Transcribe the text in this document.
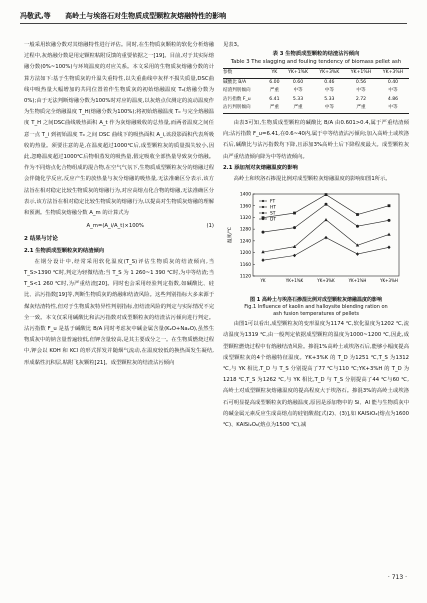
冯敬武,等 高岭土与埃洛石对生物质成型颗粒灰熔融特性的影响

一般采用软融分数对其熔融特性进行评估。同时,在生物质灰颗粒的软化分析熔融过程中,灰熔融分数是用定颗粒粘附反馈的重要依据之一[19]。目前,对于其实际熔融分数(0%~100%)与环境温度的对应关系。本文采用的生物质灰熔融分数的计算方法如下:基于生物质灰的升温失重特性,以失重曲线中灰样不损失质量,DSC曲线中吸热量大幅增加的共同位置着作生物质灰的初始熔融温度 T₀(熔融分数为0%);由于无法判断熔融分数为100%时对应的温度,以灰熔点仪测定的流动温度作为生物质完全熔融温度 T_H(熔融分数为100%);将初始熔融温度 T₀ 与完全熔融温度 T_H 之间DSC曲线吸热面积 A_t 作为灰熔融吸收的总热量,而两者温度之间任意一点 T_i 到初始温度 T₀ 之间 DSC 曲线下的吸热面积 A_i,该段影面积代表所吸收的热量。须要注意的是,在温度超过1000℃后,成型颗粒灰的质量损失较小,因此,忽略温度超过1000℃后物相蒸发的吸热量,假定吸收全部热量导致灰分熔融。作为不同熔点化合物组成的混合物,在空气气氛下,生物质成型颗粒灰分的熔融过程会伴随化学反应,反应产生的放热量与灰分熔融的吸热量,无法准确区分表示,该方法旨在相对稳定比较生物质灰的熔融行为,对应高熔点化合物的熔融,无法准确区分表示,该方法旨在相对稳定比较生物质灰的熔融行为,以提高对生物质灰熔融的理解和预测。生物质灰熔融分数 A_m 的计算式为

A_m=(A_i/A_t)×100%	(1)

2 结果与讨论

2.1 生物质成型颗粒灰的结渣倾向

在钢分设计中,经常采用软化温度(T_S)评估生物质灰的结渣倾向,当 T_S>1390 ℃时,判定为轻微结渣;当 T_S 为 1 260~1 390 ℃时,为中等结渣;当 T_S<1 260 ℃时,为严重结渣[20]。同时也会采用经验判定指数,如碱酸比、硅比、沾污指数[19]等,判断生物质灰的熔融和结渣风险。这些判别指标大多来源于煤灰结渣特性,但对于生物质灰特异性判别指标,但结渣风险的判定与实际情况不完全一致。本文仅采用碱酸比和沾污指数对成型颗粒灰的结渣沾污倾向进行判定。沾污指数 F_u 是基于碱酸比 B/A 同时考虑灰中碱金属含量(K₂O+Na₂O),虽然生物质灰中的钠含量普遍较低,但钾含量较高,是其主要成分之一。在生物质燃烧过程中,钾会以 KOH 和 KCl 的形式挥发并随烟气流动,在温度较低的换热面发生凝结,形成黏性沉积层,粘附飞灰颗粒[21]。成型颗粒灰的结渣沾污倾向

见表3。

表 3 生物质成型颗粒的结渣沾污倾向

Table 3 The slagging and fouling tendency of biomass pellet ash

参数	YK	YK+1%K	YK+3%K	YK+1%H	YK+3%H
碱酸比 B/A	6.00	0.60	0.46	0.56	0.40
结渣判别倾向	严重	中等	中等	中等	中等
沾污指数 F_u	6.41	5.33	5.33	2.72	4.86
沾污判别倾向	严重	严重	中等	严重	中等

由表3可知,生物质成型颗粒的碱酸比 B/A 由0.601>0.4,属于严重结渣倾向;沾污指数 F_u=6.41,在0.6~40内,属于中等结渣沾污倾向;加入高岭土或埃洛石后,碱酸比与沾污指数均下降,且添加3%高岭土后下降程度最大。成型颗粒灰由严重结渣倾向降为中等结渣倾向。

2.1 添加剂对灰熔融温度的影响

高岭土和埃洛石掺混比例对成型颗粒灰熔融温度的影响如图1所示。

1400
1360
1320
1280
1240
1200
1160
1120
YK	YK+1%K	YK+3%K	YK+1%H	YK+3%H
温度/℃
FT
HT
ST
DT
图 1 高岭土与埃洛石掺混比例对成型颗粒灰熔融温度的影响
Fig.1 Influence of kaolin and halloysite blending ration on
ash fusion temperatures of pellets

由图1可以看出,成型颗粒灰的变形温度为1174 ℃,软化温度为1202 ℃,流动温度为1319 ℃,由一般判定依据成型颗粒的温度为1000~1200 ℃,因此,成型颗粒燃烧过程中有熔融结渣风险。掺混1%高岭土或埃洛石后,能够小幅度提高成型颗粒灰的4个熔融特征温度。YK+3%K 的 T_D 为1251 ℃,T_S 为1312 ℃,与 YK 相比,T_D 与 T_S 分别提高了77 ℃与110 ℃;YK+3%H 的 T_D 为1218 ℃,T_S 为1262 ℃,与 YK 相比,T_D 与 T_S 分别提高了44 ℃与60 ℃,高岭土对成型颗粒灰熔融温度的提高程度大于埃洛石。掺混3%的高岭土或埃洛石可明显提高成型颗粒灰的熔融温度,原因是添加物中的 Si、Al 能与生物质灰中的碱金属元素反应生成高熔点的硅铝酸盐[式(2)、(3)],如 KAlSiO₄(熔点为1600 ℃)、KAlSi₂O₆(熔点为1500 ℃),减

· 713 ·
